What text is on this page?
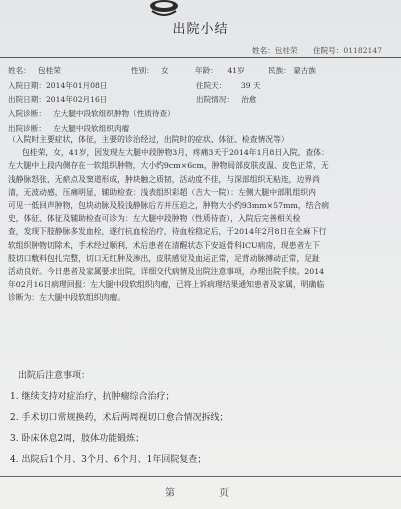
出院小结
姓名：包桂荣 住院号：01182147
姓名： 包桂荣	性别： 女	年龄： 41岁	民族： 蒙古族
入院日期：2014年01月08日	住院天： 39 天
出院日期：2014年02月16日	出院情况： 治愈
入院诊断： 左大腿中段软组织肿物（性质待查）
出院诊断： 左大腿中段软组织肉瘤
（入院时主要症状，体征，主要的诊治经过，出院时的症状、体征、检查情况等）
包桂荣，女，41岁，因发现左大腿中段肿物3月，疼痛3天于2014年1月8日入院，查体：
左大腿中上段内侧存在一软组织肿物，大小约9cm×6cm，肿物局部皮肤皮温、皮色正常，无
浅静脉怒张，无瘀点及窦道形成，肿块触之质韧，活动度不佳，与深部组织无粘连，边界尚
清，无波动感，压痛明显，辅助检查：浅表组织彩超（吉大一院）：左侧大腿中部肌组织内
可见一低回声肿物，包块动脉及股浅静脉后方并压迫之，肿物大小约93mm×57mm，结合病
史，体征、体征及辅助检查可诊为：左大腿中段肿物（性质待查），入院后完善相关检
查，发现下肢静脉多发血栓，遂行抗血栓治疗，待血栓稳定后，于2014年2月8日在全麻下行
软组织肿物切除术，手术经过顺利，术后患者在清醒状态下安返骨科ICU病房，现患者左下
肢切口敷料包扎完整，切口无红肿及渗出，皮肤感觉及血运正常，足背动脉搏动正常，足趾
活动良好。今日患者及家属要求出院，详细交代病情及出院注意事项，办理出院手续。2014
年02月16日病理回报：左大腿中段软组织肉瘤，已将上诉病理结果通知患者及家属，明确临
诊断为：左大腿中段软组织肉瘤。
出院后注意事项：
1. 继续支持对症治疗，抗肿瘤综合治疗；
2. 手术切口常规换药，术后两周视切口愈合情况拆线；
3. 卧床休息2周，肢体功能锻炼；
4. 出院后1个月、3个月、6个月、1年回院复查；
第	页
